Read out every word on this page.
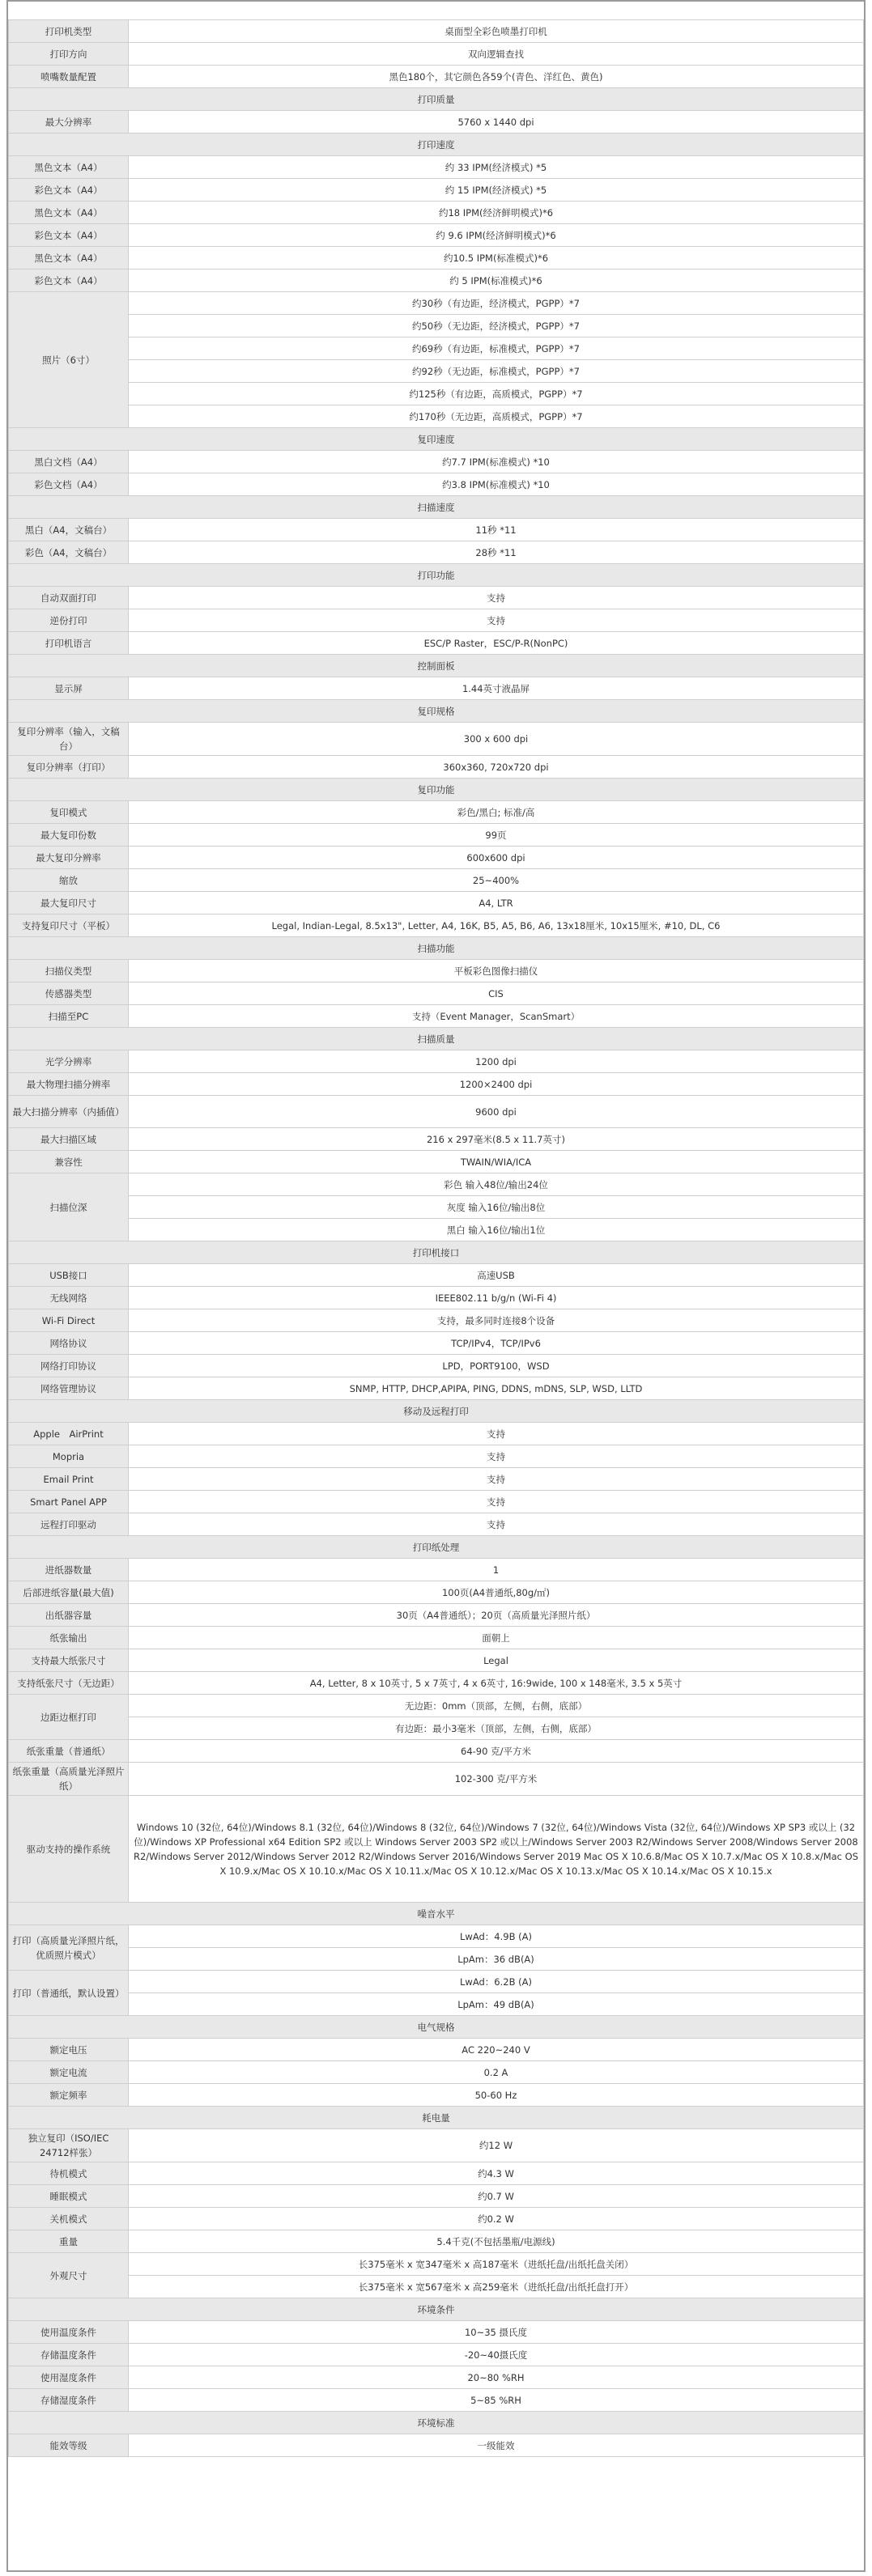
打印机类型	桌面型全彩色喷墨打印机
打印方向	双向逻辑查找
喷嘴数量配置	黑色180个，其它颜色各59个(青色、洋红色、黄色)
打印质量	
最大分辨率	5760 x 1440 dpi
打印速度	
黑色文本（A4）	约 33 IPM(经济模式) *5
彩色文本（A4）	约 15 IPM(经济模式) *5
黑色文本（A4）	约18 IPM(经济鲜明模式)*6
彩色文本（A4）	约 9.6 IPM(经济鲜明模式)*6
黑色文本（A4）	约10.5 IPM(标准模式)*6
彩色文本（A4）	约 5 IPM(标准模式)*6
照片（6寸）	约30秒（有边距，经济模式，PGPP）*7
	约50秒（无边距，经济模式，PGPP）*7
	约69秒（有边距，标准模式，PGPP）*7
	约92秒（无边距，标准模式，PGPP）*7
	约125秒（有边距，高质模式，PGPP）*7
	约170秒（无边距，高质模式，PGPP）*7
复印速度	
黑白文档（A4）	约7.7 IPM(标准模式) *10
彩色文档（A4）	约3.8 IPM(标准模式) *10
扫描速度	
黑白（A4，文稿台）	11秒 *11
彩色（A4，文稿台）	28秒 *11
打印功能	
自动双面打印	支持
逆份打印	支持
打印机语言	ESC/P Raster，ESC/P-R(NonPC)
控制面板	
显示屏	1.44英寸液晶屏
复印规格	
复印分辨率（输入，文稿台）	300 x 600 dpi
复印分辨率（打印）	360x360, 720x720 dpi
复印功能	
复印模式	彩色/黑白; 标准/高
最大复印份数	99页
最大复印分辨率	600x600 dpi
缩放	25~400%
最大复印尺寸	A4, LTR
支持复印尺寸（平板）	Legal, Indian-Legal, 8.5x13", Letter, A4, 16K, B5, A5, B6, A6, 13x18厘米, 10x15厘米, #10, DL, C6
扫描功能	
扫描仪类型	平板彩色图像扫描仪
传感器类型	CIS
扫描至PC	支持（Event Manager，ScanSmart）
扫描质量	
光学分辨率	1200 dpi
最大物理扫描分辨率	1200×2400 dpi
最大扫描分辨率（内插值）	9600 dpi
最大扫描区域	216 x 297毫米(8.5 x 11.7英寸)
兼容性	TWAIN/WIA/ICA
扫描位深	彩色 输入48位/输出24位
	灰度 输入16位/输出8位
	黑白 输入16位/输出1位
打印机接口	
USB接口	高速USB
无线网络	IEEE802.11 b/g/n (Wi-Fi 4)
Wi-Fi Direct	支持，最多同时连接8个设备
网络协议	TCP/IPv4，TCP/IPv6
网络打印协议	LPD，PORT9100，WSD
网络管理协议	SNMP, HTTP, DHCP,APIPA, PING, DDNS, mDNS, SLP, WSD, LLTD
移动及远程打印	
Apple　AirPrint	支持
Mopria	支持
Email Print	支持
Smart Panel APP	支持
远程打印驱动	支持
打印纸处理	
进纸器数量	1
后部进纸容量(最大值)	100页(A4普通纸,80g/㎡)
出纸器容量	30页（A4普通纸）；20页（高质量光泽照片纸）
纸张输出	面朝上
支持最大纸张尺寸	Legal
支持纸张尺寸（无边距）	A4, Letter, 8 x 10英寸, 5 x 7英寸, 4 x 6英寸, 16:9wide, 100 x 148毫米, 3.5 x 5英寸
边距边框打印	无边距：0mm（顶部，左侧，右侧，底部）
	有边距：最小3毫米（顶部，左侧，右侧，底部）
纸张重量（普通纸）	64-90 克/平方米
纸张重量（高质量光泽照片纸）	102-300 克/平方米
驱动支持的操作系统	Windows 10 (32位, 64位)/Windows 8.1 (32位, 64位)/Windows 8 (32位, 64位)/Windows 7 (32位, 64位)/Windows Vista (32位, 64位)/Windows XP SP3 或以上 (32位)/Windows XP Professional x64 Edition SP2 或以上 Windows Server 2003 SP2 或以上/Windows Server 2003 R2/Windows Server 2008/Windows Server 2008 R2/Windows Server 2012/Windows Server 2012 R2/Windows Server 2016/Windows Server 2019 Mac OS X 10.6.8/Mac OS X 10.7.x/Mac OS X 10.8.x/Mac OS X 10.9.x/Mac OS X 10.10.x/Mac OS X 10.11.x/Mac OS X 10.12.x/Mac OS X 10.13.x/Mac OS X 10.14.x/Mac OS X 10.15.x
噪音水平	
打印（高质量光泽照片纸，优质照片模式）	LwAd：4.9B (A)
	LpAm：36 dB(A)
打印（普通纸，默认设置）	LwAd：6.2B (A)
	LpAm：49 dB(A)
电气规格	
额定电压	AC 220~240 V
额定电流	0.2 A
额定频率	50-60 Hz
耗电量	
独立复印（ISO/IEC 24712样张）	约12 W
待机模式	约4.3 W
睡眠模式	约0.7 W
关机模式	约0.2 W
重量	5.4千克(不包括墨瓶/电源线)
外观尺寸	长375毫米 x 宽347毫米 x 高187毫米（进纸托盘/出纸托盘关闭）
	长375毫米 x 宽567毫米 x 高259毫米（进纸托盘/出纸托盘打开）
环境条件	
使用温度条件	10~35 摄氏度
存储温度条件	-20~40摄氏度
使用湿度条件	20~80 %RH
存储湿度条件	5~85 %RH
环境标准	
能效等级	一级能效
